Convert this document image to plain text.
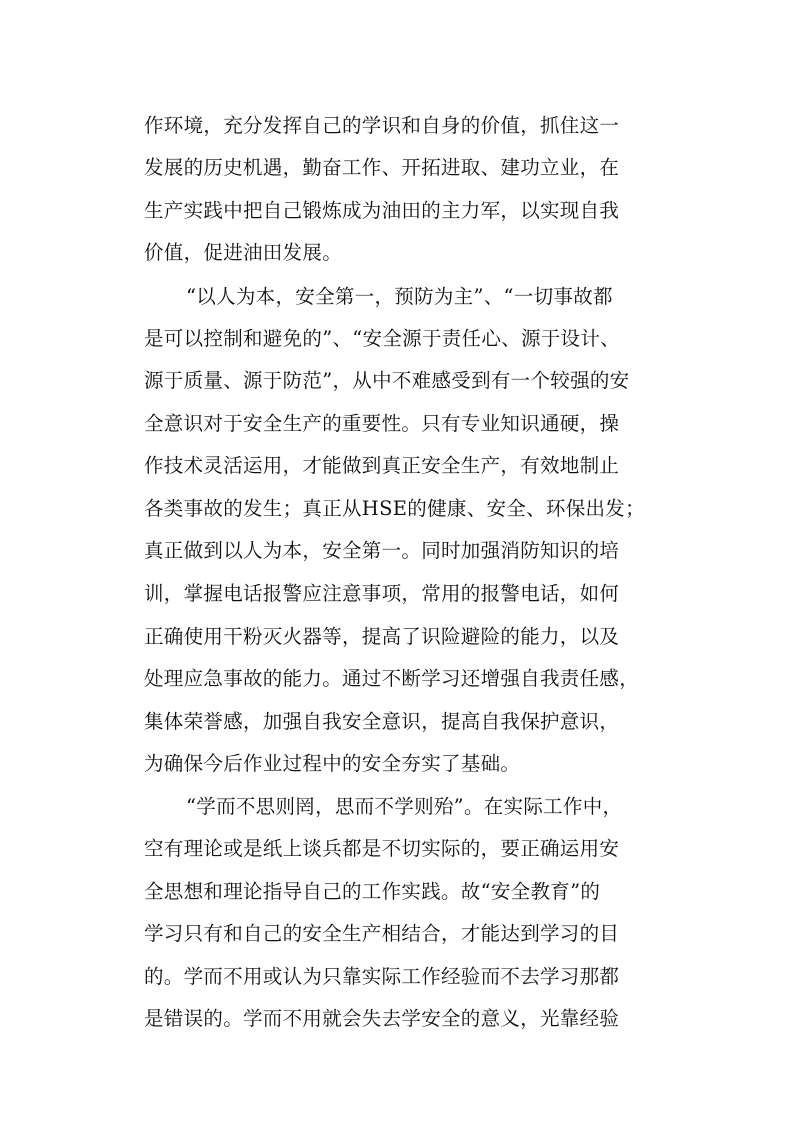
作环境，充分发挥自己的学识和自身的价值，抓住这一
发展的历史机遇，勤奋工作、开拓进取、建功立业，在
生产实践中把自己锻炼成为油田的主力军，以实现自我
价值，促进油田发展。
“以人为本，安全第一，预防为主”、“一切事故都
是可以控制和避免的”、“安全源于责任心、源于设计、
源于质量、源于防范”，从中不难感受到有一个较强的安
全意识对于安全生产的重要性。只有专业知识通硬，操
作技术灵活运用，才能做到真正安全生产，有效地制止
各类事故的发生；真正从HSE的健康、安全、环保出发；
真正做到以人为本，安全第一。同时加强消防知识的培
训，掌握电话报警应注意事项，常用的报警电话，如何
正确使用干粉灭火器等，提高了识险避险的能力，以及
处理应急事故的能力。通过不断学习还增强自我责任感，
集体荣誉感，加强自我安全意识，提高自我保护意识，
为确保今后作业过程中的安全夯实了基础。
“学而不思则罔，思而不学则殆”。在实际工作中，
空有理论或是纸上谈兵都是不切实际的，要正确运用安
全思想和理论指导自己的工作实践。故“安全教育”的
学习只有和自己的安全生产相结合，才能达到学习的目
的。学而不用或认为只靠实际工作经验而不去学习那都
是错误的。学而不用就会失去学安全的意义，光靠经验
